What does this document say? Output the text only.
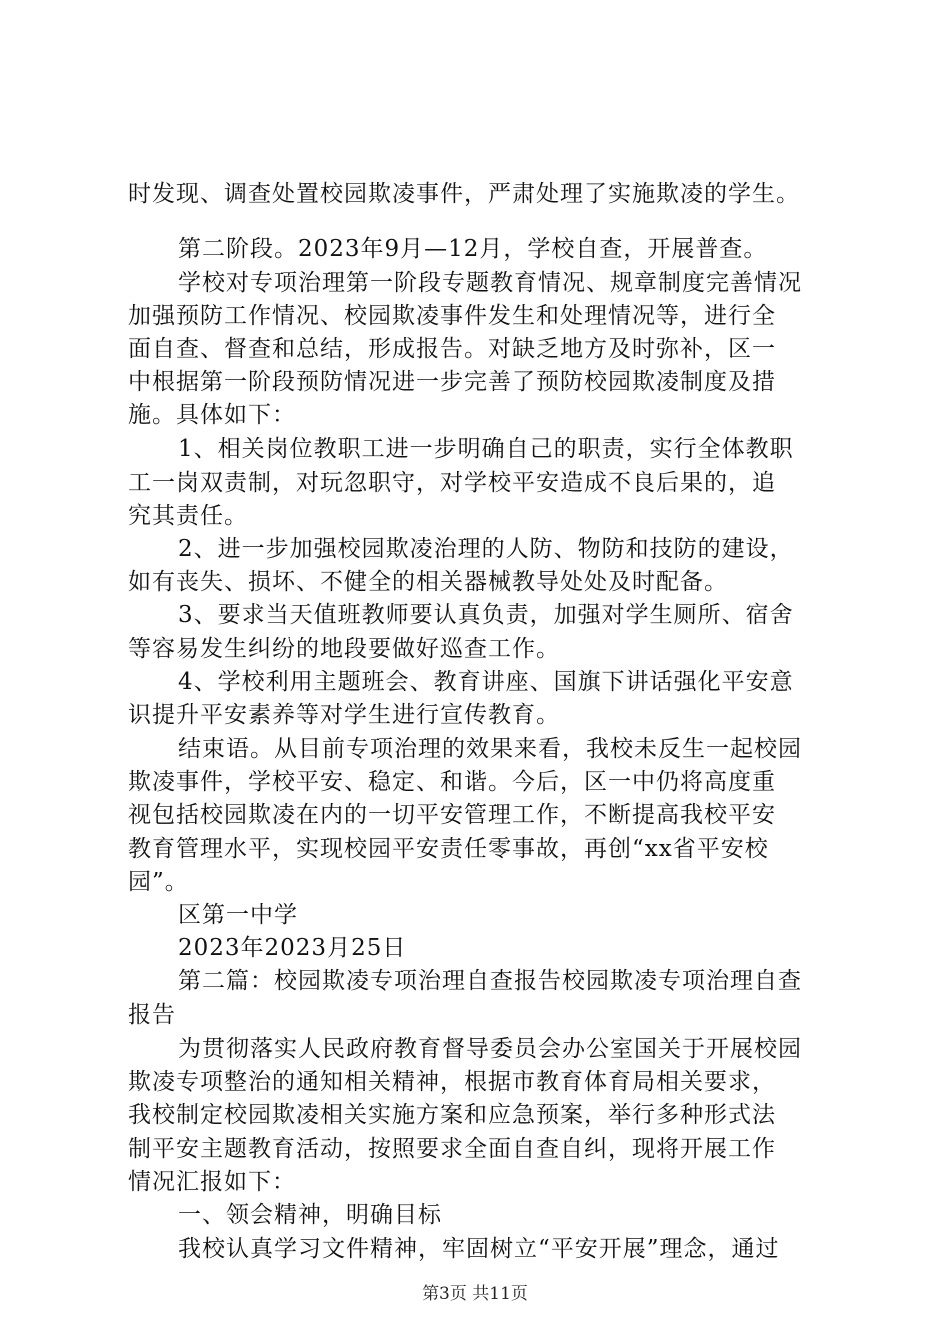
时发现、调查处置校园欺凌事件，严肃处理了实施欺凌的学生。
第二阶段。2023年9月—12月，学校自查，开展普查。
学校对专项治理第一阶段专题教育情况、规章制度完善情况
加强预防工作情况、校园欺凌事件发生和处理情况等，进行全
面自查、督查和总结，形成报告。对缺乏地方及时弥补，区一
中根据第一阶段预防情况进一步完善了预防校园欺凌制度及措
施。具体如下：
1、相关岗位教职工进一步明确自己的职责，实行全体教职
工一岗双责制，对玩忽职守，对学校平安造成不良后果的，追
究其责任。
2、进一步加强校园欺凌治理的人防、物防和技防的建设，
如有丧失、损坏、不健全的相关器械教导处处及时配备。
3、要求当天值班教师要认真负责，加强对学生厕所、宿舍
等容易发生纠纷的地段要做好巡查工作。
4、学校利用主题班会、教育讲座、国旗下讲话强化平安意
识提升平安素养等对学生进行宣传教育。
结束语。从目前专项治理的效果来看，我校未反生一起校园
欺凌事件，学校平安、稳定、和谐。今后，区一中仍将高度重
视包括校园欺凌在内的一切平安管理工作，不断提高我校平安
教育管理水平，实现校园平安责任零事故，再创“xx省平安校
园”。
区第一中学
2023年2023月25日
第二篇：校园欺凌专项治理自查报告校园欺凌专项治理自查
报告
为贯彻落实人民政府教育督导委员会办公室国关于开展校园
欺凌专项整治的通知相关精神，根据市教育体育局相关要求，
我校制定校园欺凌相关实施方案和应急预案，举行多种形式法
制平安主题教育活动，按照要求全面自查自纠，现将开展工作
情况汇报如下：
一、领会精神，明确目标
我校认真学习文件精神，牢固树立“平安开展”理念，通过
第3页 共11页
